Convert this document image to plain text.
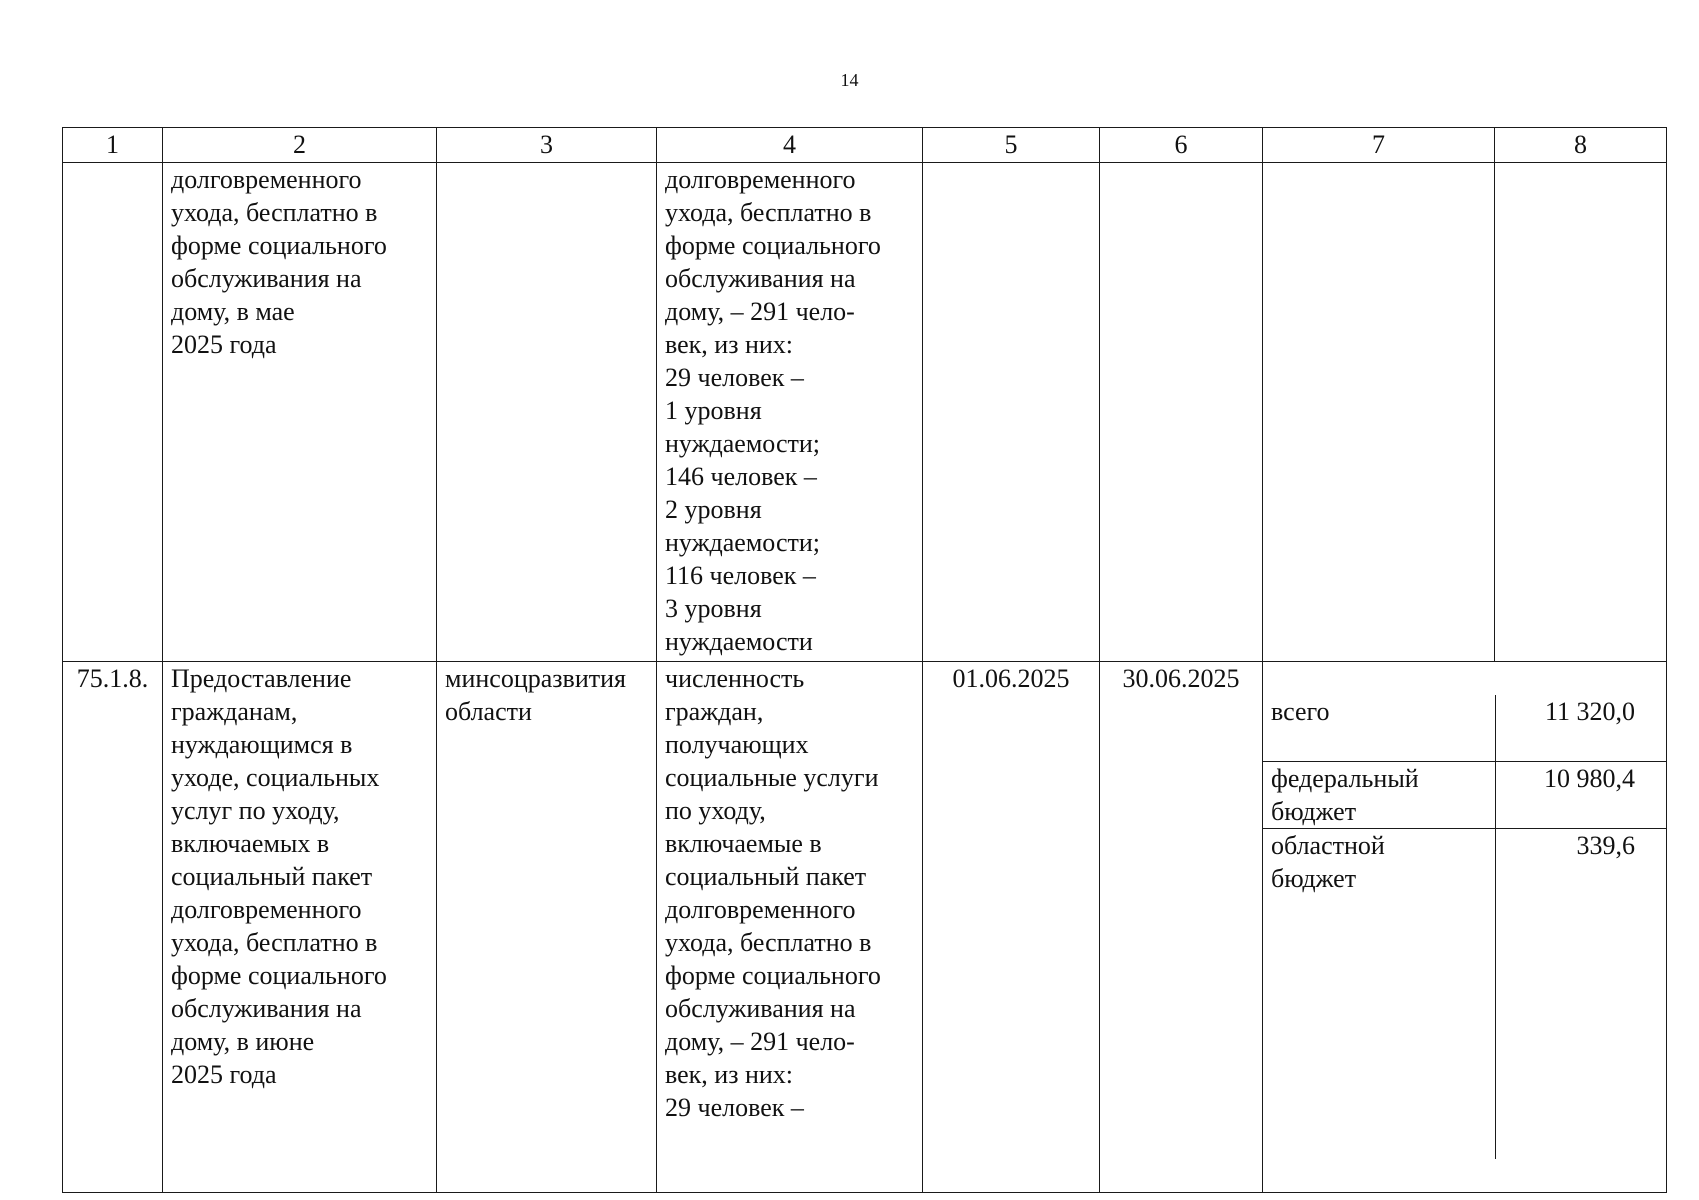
14
1	2	3	4	5	6	7	8
	долговременного
ухода, бесплатно в
форме социального
обслуживания на
дому, в мае
2025 года		долговременного
ухода, бесплатно в
форме социального
обслуживания на
дому, – 291 чело-
век, из них:
29 человек –
1 уровня
нуждаемости;
146 человек –
2 уровня
нуждаемости;
116 человек –
3 уровня
нуждаемости				
75.1.8.	Предоставление
гражданам,
нуждающимся в
уходе, социальных
услуг по уходу,
включаемых в
социальный пакет
долговременного
ухода, бесплатно в
форме социального
обслуживания на
дому, в июне
2025 года	минсоцразвития
области	численность
граждан,
получающих
социальные услуги
по уходу,
включаемые в
социальный пакет
долговременного
ухода, бесплатно в
форме социального
обслуживания на
дому, – 291 чело-
век, из них:
29 человек –	01.06.2025	30.06.2025	

всего	11 320,0
федеральный
бюджет	10 980,4
областной
бюджет	339,6
